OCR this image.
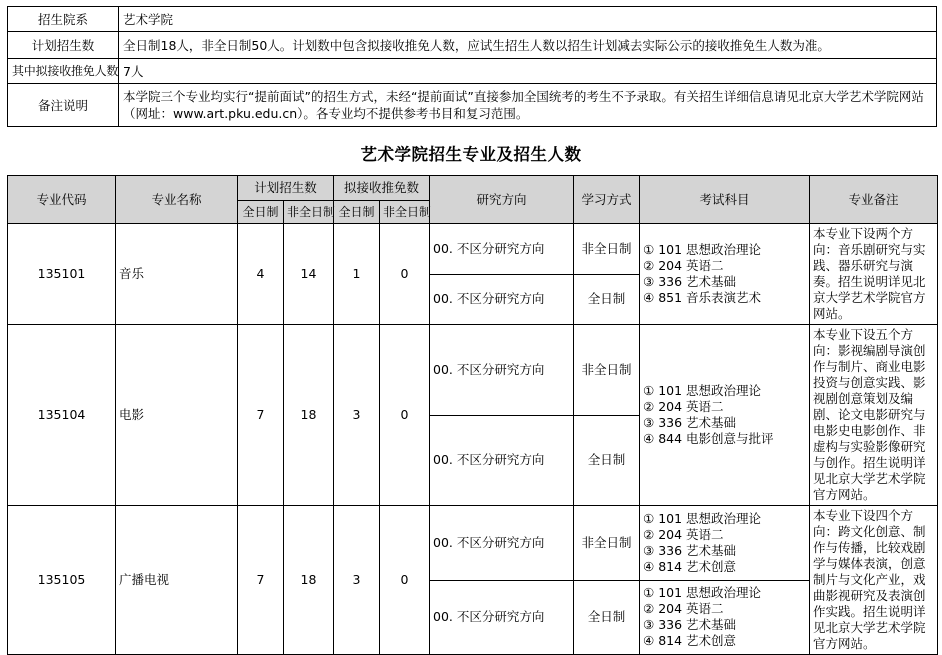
招生院系	艺术学院
计划招生数	全日制18人，非全日制50人。计划数中包含拟接收推免人数，应试生招生人数以招生计划减去实际公示的接收推免生人数为准。
其中拟接收推免人数	7人
备注说明	本学院三个专业均实行“提前面试”的招生方式，未经“提前面试”直接参加全国统考的考生不予录取。有关招生详细信息请见北京大学艺术学院网站（网址：www.art.pku.edu.cn）。各专业均不提供参考书目和复习范围。
艺术学院招生专业及招生人数
专业代码	专业名称	计划招生数		拟接收推免数		研究方向	学习方式	考试科目	专业备注
		全日制	非全日制	全日制	非全日制				
135101	音乐	4	14	1	0	00. 不区分研究方向	非全日制	① 101 思想政治理论
② 204 英语二
③ 336 艺术基础
④ 851 音乐表演艺术	本专业下设两个方向：音乐剧研究与实践、器乐研究与演奏。招生说明详见北京大学艺术学院官方网站。
						00. 不区分研究方向	全日制		
135104	电影	7	18	3	0	00. 不区分研究方向	非全日制	① 101 思想政治理论
② 204 英语二
③ 336 艺术基础
④ 844 电影创意与批评	本专业下设五个方向：影视编剧导演创作与制片、商业电影投资与创意实践、影视剧创意策划及编剧、论文电影研究与电影史电影创作、非虚构与实验影像研究与创作。招生说明详见北京大学艺术学院官方网站。
						00. 不区分研究方向	全日制		
135105	广播电视	7	18	3	0	00. 不区分研究方向	非全日制	① 101 思想政治理论
② 204 英语二
③ 336 艺术基础
④ 814 艺术创意	本专业下设四个方向：跨文化创意、制作与传播，比较戏剧学与媒体表演，创意制片与文化产业，戏曲影视研究及表演创作实践。招生说明详见北京大学艺术学院官方网站。
						00. 不区分研究方向	全日制	① 101 思想政治理论
② 204 英语二
③ 336 艺术基础
④ 814 艺术创意	
